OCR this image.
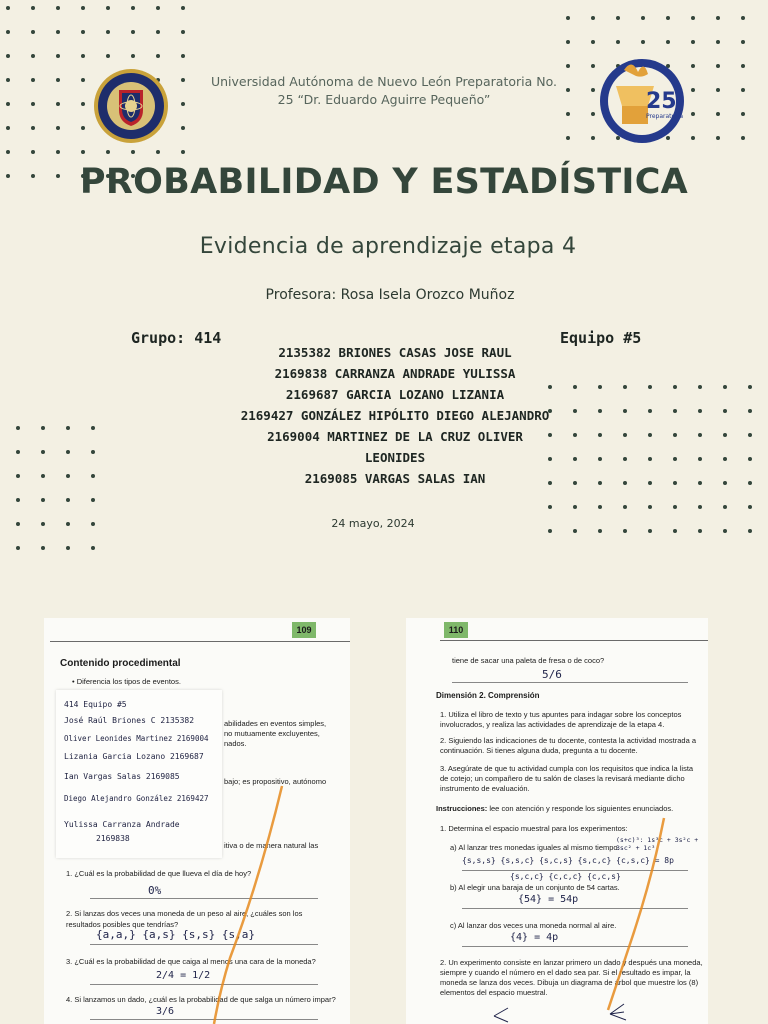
Universidad Autónoma de Nuevo León Preparatoria No.
25 “Dr. Eduardo Aguirre Pequeño”	25
Preparatoria
PROBABILIDAD Y ESTADÍSTICA
Evidencia de aprendizaje etapa 4
Profesora: Rosa Isela Orozco Muñoz
Grupo: 414	Equipo #5
2135382 BRIONES CASAS JOSE RAUL
2169838 CARRANZA ANDRADE YULISSA
2169687 GARCIA LOZANO LIZANIA
2169427 GONZÁLEZ HIPÓLITO DIEGO ALEJANDRO
2169004 MARTINEZ DE LA CRUZ OLIVER
LEONIDES
2169085 VARGAS SALAS IAN
24 mayo, 2024
109
Contenido procedimental
• Diferencia los tipos de eventos.
abilidades en eventos simples,
no mutuamente excluyentes,
nados.
bajo; es propositivo, autónomo
itiva o de manera natural las
1. ¿Cuál es la probabilidad de que llueva el día de hoy?
0%
2. Si lanzas dos veces una moneda de un peso al aire, ¿cuáles son los resultados posibles que tendrías?
{a,a,} {a,s} {s,s} {s,a}
3. ¿Cuál es la probabilidad de que caiga al menos una cara de la moneda?
2/4 = 1/2
4. Si lanzamos un dado, ¿cuál es la probabilidad de que salga un número impar?
3/6
414 Equipo #5
José Raúl Briones C 2135382
Oliver Leonides Martinez 2169004
Lizania Garcia Lozano 2169687
Ian Vargas Salas 2169085
Diego Alejandro González 2169427
Yulissa Carranza Andrade
2169838
110
tiene de sacar una paleta de fresa o de coco?
5/6
Dimensión 2. Comprensión
1. Utiliza el libro de texto y tus apuntes para indagar sobre los conceptos involucrados, y realiza las actividades de aprendizaje de la etapa 4.
2. Siguiendo las indicaciones de tu docente, contesta la actividad mostrada a continuación. Si tienes alguna duda, pregunta a tu docente.
3. Asegúrate de que tu actividad cumpla con los requisitos que indica la lista de cotejo; un compañero de tu salón de clases la revisará mediante dicho instrumento de evaluación.
Instrucciones: lee con atención y responde los siguientes enunciados.
1. Determina el espacio muestral para los experimentos:
a) Al lanzar tres monedas iguales al mismo tiempo.
(s+c)³: 1s³c + 3s²c + 3sc² + 1c³
{s,s,s} {s,s,c} {s,c,s} {s,c,c} {c,s,c} = 8p
{s,c,c} {c,c,c} {c,c,s}
b) Al elegir una baraja de un conjunto de 54 cartas.
{54} = 54p
c) Al lanzar dos veces una moneda normal al aire.
{4} = 4p
2. Un experimento consiste en lanzar primero un dado y después una moneda, siempre y cuando el número en el dado sea par. Si el resultado es impar, la moneda se lanza dos veces. Dibuja un diagrama de árbol que muestre los (8) elementos del espacio muestral.
